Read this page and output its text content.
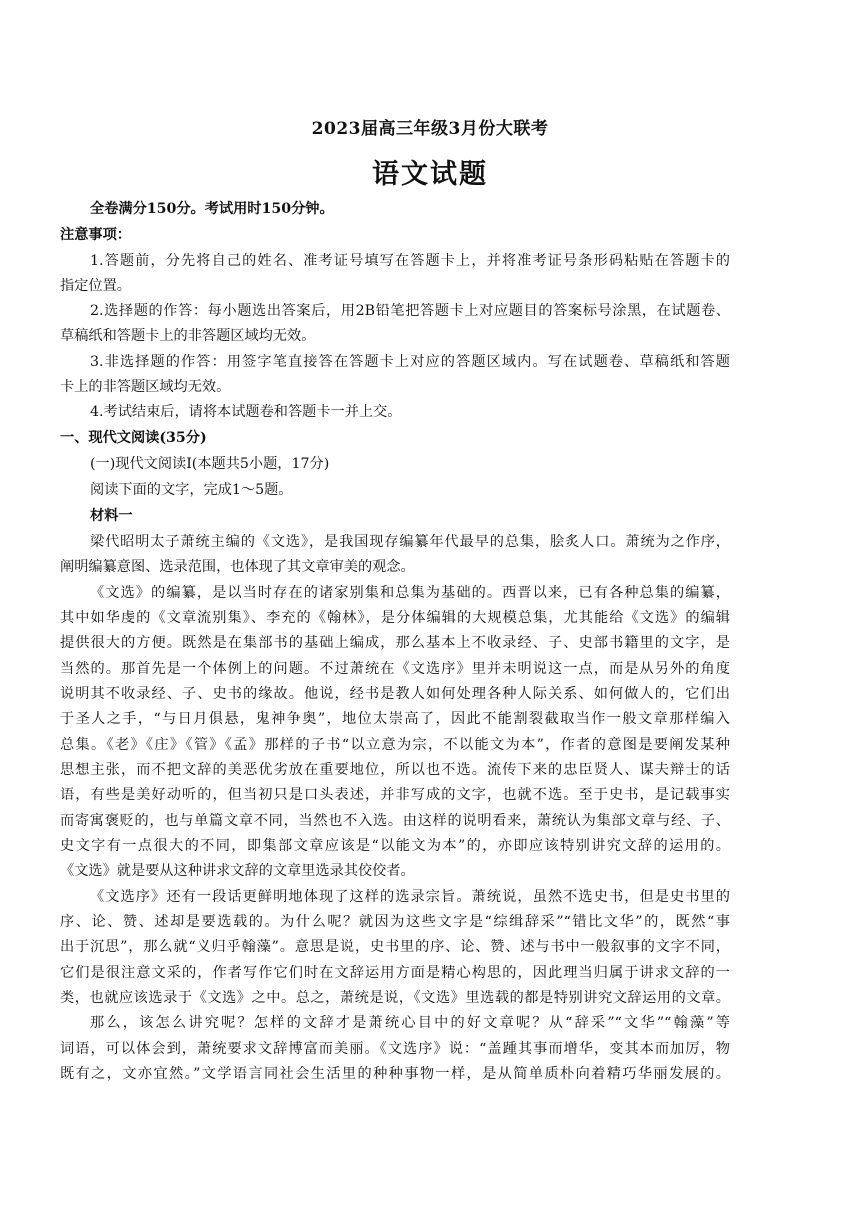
2023届高三年级3月份大联考
语文试题
全卷满分150分。考试用时150分钟。
注意事项：
1.答题前，分先将自己的姓名、准考证号填写在答题卡上，并将准考证号条形码粘贴在答题卡的
指定位置。
2.选择题的作答：每小题选出答案后，用2B铅笔把答题卡上对应题目的答案标号涂黑，在试题卷、
草稿纸和答题卡上的非答题区域均无效。
3.非选择题的作答：用签字笔直接答在答题卡上对应的答题区域内。写在试题卷、草稿纸和答题
卡上的非答题区域均无效。
4.考试结束后，请将本试题卷和答题卡一并上交。
一、现代文阅读(35分)
(一)现代文阅读Ⅰ(本题共5小题，17分)
阅读下面的文字，完成1～5题。
材料一
梁代昭明太子萧统主编的《文选》，是我国现存编纂年代最早的总集，脍炙人口。萧统为之作序，
阐明编纂意图、选录范围，也体现了其文章审美的观念。
《文选》的编纂，是以当时存在的诸家别集和总集为基础的。西晋以来，已有各种总集的编纂，
其中如华虔的《文章流别集》、李充的《翰林》，是分体编辑的大规模总集，尤其能给《文选》的编辑
提供很大的方便。既然是在集部书的基础上编成，那么基本上不收录经、子、史部书籍里的文字，是
当然的。那首先是一个体例上的问题。不过萧统在《文选序》里并未明说这一点，而是从另外的角度
说明其不收录经、子、史书的缘故。他说，经书是教人如何处理各种人际关系、如何做人的，它们出
于圣人之手，“与日月俱悬，鬼神争奥”，地位太崇高了，因此不能割裂截取当作一般文章那样编入
总集。《老》《庄》《管》《孟》那样的子书“以立意为宗，不以能文为本”，作者的意图是要阐发某种
思想主张，而不把文辞的美恶优劣放在重要地位，所以也不选。流传下来的忠臣贤人、谋夫辩士的话
语，有些是美好动听的，但当初只是口头表述，并非写成的文字，也就不选。至于史书，是记载事实
而寄寓褒贬的，也与单篇文章不同，当然也不入选。由这样的说明看来，萧统认为集部文章与经、子、
史文字有一点很大的不同，即集部文章应该是“以能文为本”的，亦即应该特别讲究文辞的运用的。
《文选》就是要从这种讲求文辞的文章里选录其佼佼者。
《文选序》还有一段话更鲜明地体现了这样的选录宗旨。萧统说，虽然不选史书，但是史书里的
序、论、赞、述却是要选载的。为什么呢？就因为这些文字是“综缉辞采”“错比文华”的，既然“事
出于沉思”，那么就“义归乎翰藻”。意思是说，史书里的序、论、赞、述与书中一般叙事的文字不同，
它们是很注意文采的，作者写作它们时在文辞运用方面是精心构思的，因此理当归属于讲求文辞的一
类，也就应该选录于《文选》之中。总之，萧统是说，《文选》里选载的都是特别讲究文辞运用的文章。
那么，该怎么讲究呢？怎样的文辞才是萧统心目中的好文章呢？从“辞采”“文华”“翰藻”等
词语，可以体会到，萧统要求文辞博富而美丽。《文选序》说：“盖踵其事而增华，变其本而加厉，物
既有之，文亦宜然。”文学语言同社会生活里的种种事物一样，是从简单质朴向着精巧华丽发展的。
